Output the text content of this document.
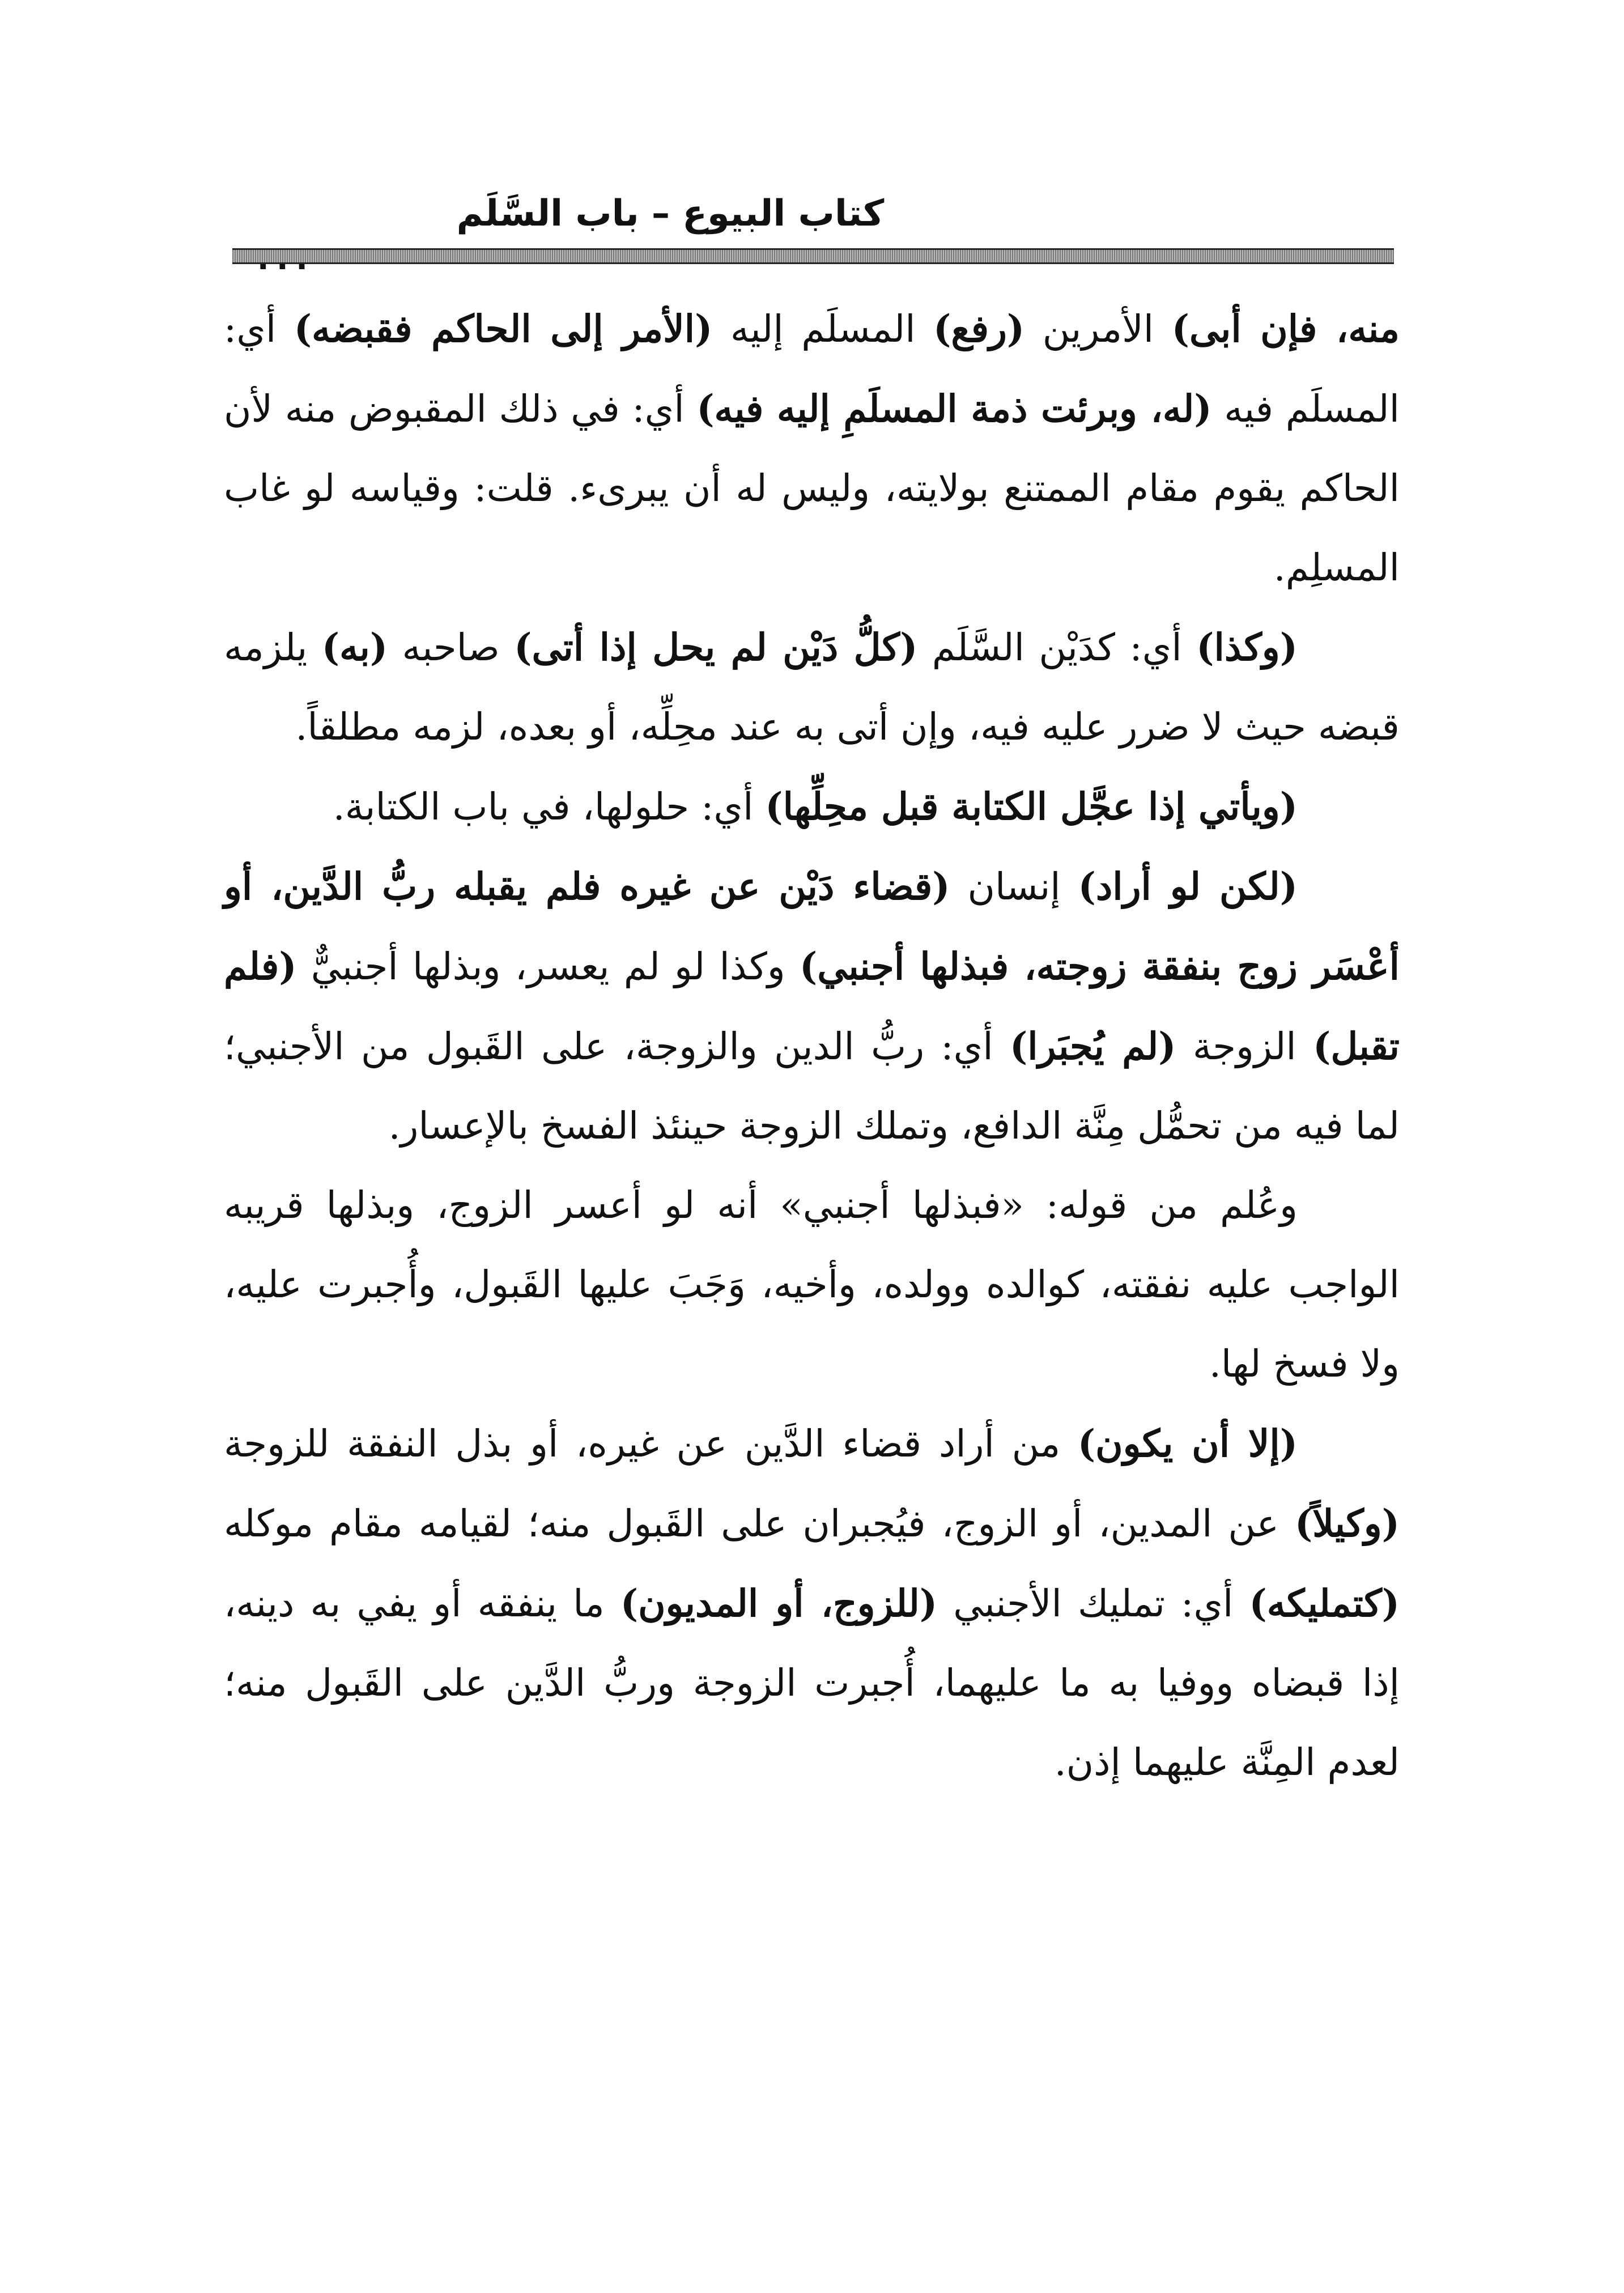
كتاب البيوع – باب السَّلَم

منه، فإن أبى) الأمرين (رفع) المسلَم إليه (الأمر إلى الحاكم فقبضه) أي: المسلَم فيه (له، وبرئت ذمة المسلَمِ إليه فيه) أي: في ذلك المقبوض منه لأن الحاكم يقوم مقام الممتنع بولايته، وليس له أن يبرىء. قلت: وقياسه لو غاب المسلِم.

(وكذا) أي: كدَيْن السَّلَم (كلُّ دَيْن لم يحل إذا أتى) صاحبه (به) يلزمه قبضه حيث لا ضرر عليه فيه، وإن أتى به عند محِلِّه، أو بعده، لزمه مطلقاً.

(ويأتي إذا عجَّل الكتابة قبل محِلِّها) أي: حلولها، في باب الكتابة.

(لكن لو أراد) إنسان (قضاء دَيْن عن غيره فلم يقبله ربُّ الدَّين، أو أعْسَر زوج بنفقة زوجته، فبذلها أجنبي) وكذا لو لم يعسر، وبذلها أجنبيٌّ (فلم تقبل) الزوجة (لم يُجبَرا) أي: ربُّ الدين والزوجة، على القَبول من الأجنبي؛ لما فيه من تحمُّل مِنَّة الدافع، وتملك الزوجة حينئذ الفسخ بالإعسار.

وعُلم من قوله: «فبذلها أجنبي» أنه لو أعسر الزوج، وبذلها قريبه الواجب عليه نفقته، كوالده وولده، وأخيه، وَجَبَ عليها القَبول، وأُجبرت عليه، ولا فسخ لها.

(إلا أن يكون) من أراد قضاء الدَّين عن غيره، أو بذل النفقة للزوجة (وكيلاً) عن المدين، أو الزوج، فيُجبران على القَبول منه؛ لقيامه مقام موكله (كتمليكه) أي: تمليك الأجنبي (للزوج، أو المديون) ما ينفقه أو يفي به دينه، إذا قبضاه ووفيا به ما عليهما، أُجبرت الزوجة وربُّ الدَّين على القَبول منه؛ لعدم المِنَّة عليهما إذن.
